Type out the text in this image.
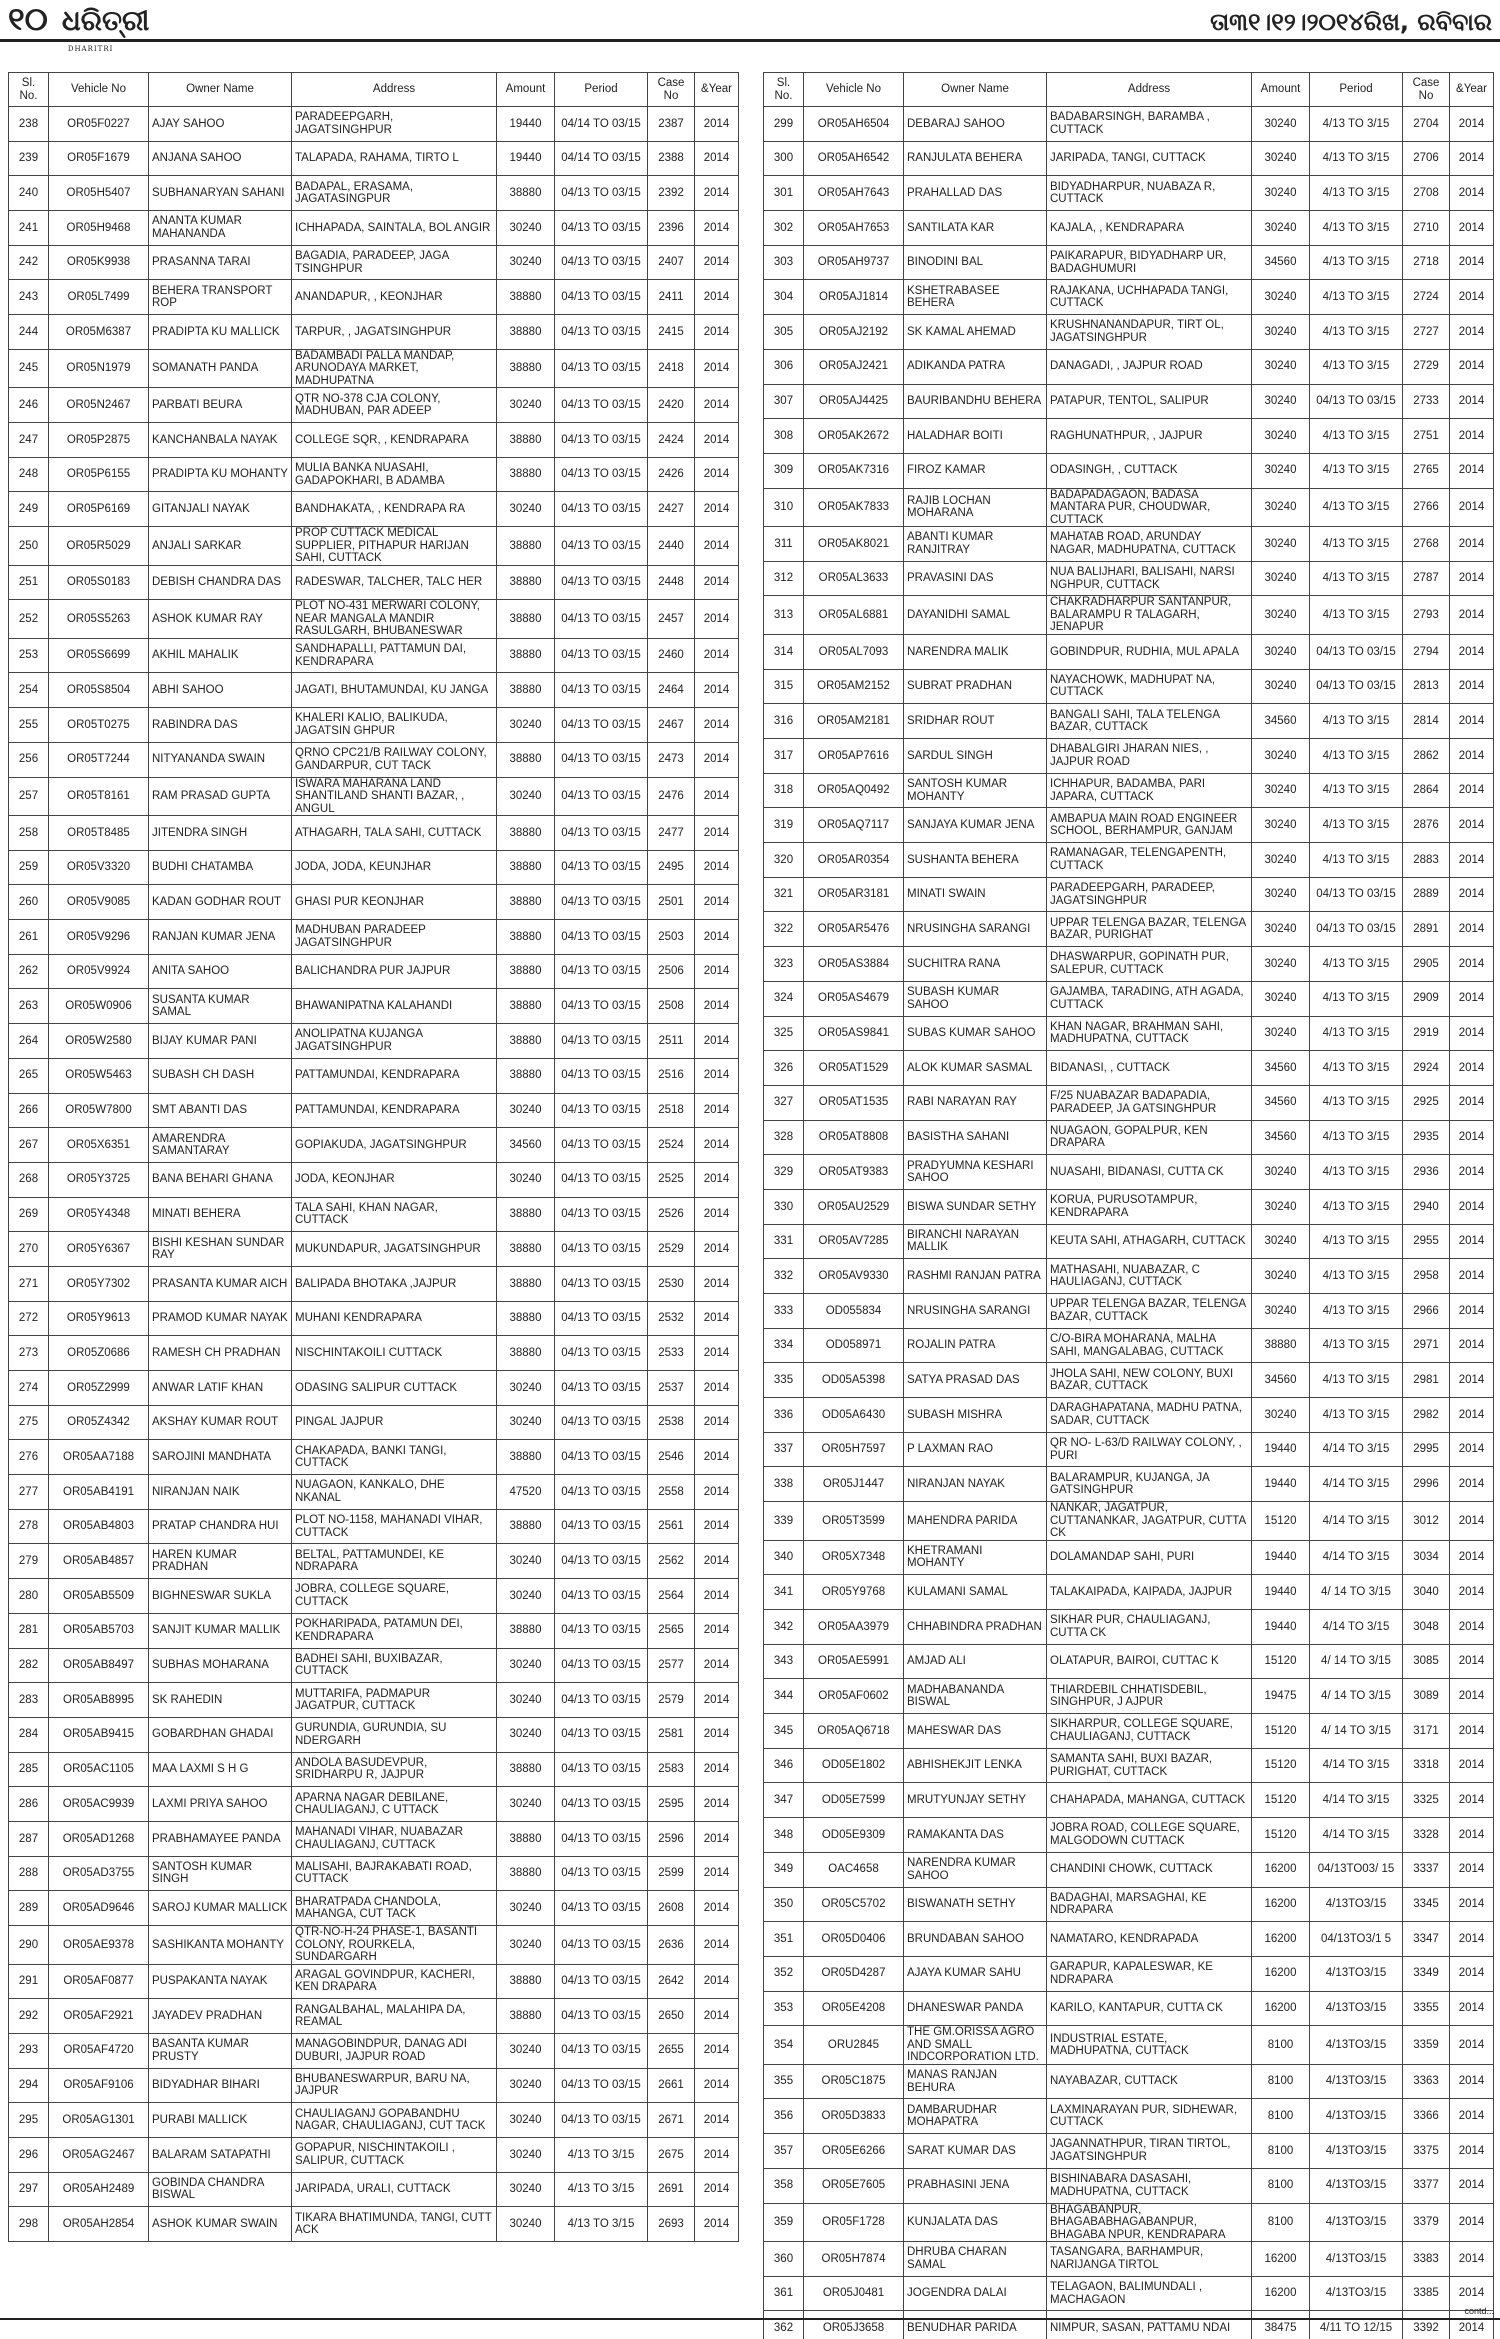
୧୦ ଧରିତ୍ରୀ
DHARITRI
ତା୩୧।୧୨।୨୦୧୪ରିଖ, ରବିବାର
Sl. No.	Vehicle No	Owner Name	Address	Amount	Period	Case No	&Year
238	OR05F0227	AJAY SAHOO	PARADEEPGARH, JAGATSINGHPUR	19440	04/14 TO 03/15	2387	2014
239	OR05F1679	ANJANA SAHOO	TALAPADA, RAHAMA, TIRTO L	19440	04/14 TO 03/15	2388	2014
240	OR05H5407	SUBHANARYAN SAHANI	BADAPAL, ERASAMA, JAGATASINGPUR	38880	04/13 TO 03/15	2392	2014
241	OR05H9468	ANANTA KUMAR MAHANANDA	ICHHAPADA, SAINTALA, BOL ANGIR	30240	04/13 TO 03/15	2396	2014
242	OR05K9938	PRASANNA TARAI	BAGADIA, PARADEEP, JAGA TSINGHPUR	30240	04/13 TO 03/15	2407	2014
243	OR05L7499	BEHERA TRANSPORT ROP	ANANDAPUR, , KEONJHAR	38880	04/13 TO 03/15	2411	2014
244	OR05M6387	PRADIPTA KU MALLICK	TARPUR, , JAGATSINGHPUR	38880	04/13 TO 03/15	2415	2014
245	OR05N1979	SOMANATH PANDA	BADAMBADI PALLA MANDAP, ARUNODAYA MARKET, MADHUPATNA	38880	04/13 TO 03/15	2418	2014
246	OR05N2467	PARBATI BEURA	QTR NO-378 CJA COLONY, MADHUBAN, PAR ADEEP	30240	04/13 TO 03/15	2420	2014
247	OR05P2875	KANCHANBALA NAYAK	COLLEGE SQR, , KENDRAPARA	38880	04/13 TO 03/15	2424	2014
248	OR05P6155	PRADIPTA KU MOHANTY	MULIA BANKA NUASAHI, GADAPOKHARI, B ADAMBA	38880	04/13 TO 03/15	2426	2014
249	OR05P6169	GITANJALI NAYAK	BANDHAKATA, , KENDRAPA RA	30240	04/13 TO 03/15	2427	2014
250	OR05R5029	ANJALI SARKAR	PROP CUTTACK MEDICAL SUPPLIER, PITHAPUR HARIJAN SAHI, CUTTACK	38880	04/13 TO 03/15	2440	2014
251	OR05S0183	DEBISH CHANDRA DAS	RADESWAR, TALCHER, TALC HER	38880	04/13 TO 03/15	2448	2014
252	OR05S5263	ASHOK KUMAR RAY	PLOT NO-431 MERWARI COLONY, NEAR MANGALA MANDIR RASULGARH, BHUBANESWAR	38880	04/13 TO 03/15	2457	2014
253	OR05S6699	AKHIL MAHALIK	SANDHAPALLI, PATTAMUN DAI, KENDRAPARA	38880	04/13 TO 03/15	2460	2014
254	OR05S8504	ABHI SAHOO	JAGATI, BHUTAMUNDAI, KU JANGA	38880	04/13 TO 03/15	2464	2014
255	OR05T0275	RABINDRA DAS	KHALERI KALIO, BALIKUDA, JAGATSIN GHPUR	30240	04/13 TO 03/15	2467	2014
256	OR05T7244	NITYANANDA SWAIN	QRNO CPC21/B RAILWAY COLONY, GANDARPUR, CUT TACK	38880	04/13 TO 03/15	2473	2014
257	OR05T8161	RAM PRASAD GUPTA	ISWARA MAHARANA LAND SHANTILAND SHANTI BAZAR, , ANGUL	30240	04/13 TO 03/15	2476	2014
258	OR05T8485	JITENDRA SINGH	ATHAGARH, TALA SAHI, CUTTACK	38880	04/13 TO 03/15	2477	2014
259	OR05V3320	BUDHI CHATAMBA	JODA, JODA, KEUNJHAR	38880	04/13 TO 03/15	2495	2014
260	OR05V9085	KADAN GODHAR ROUT	GHASI PUR KEONJHAR	38880	04/13 TO 03/15	2501	2014
261	OR05V9296	RANJAN KUMAR JENA	MADHUBAN PARADEEP JAGATSINGHPUR	38880	04/13 TO 03/15	2503	2014
262	OR05V9924	ANITA SAHOO	BALICHANDRA PUR JAJPUR	38880	04/13 TO 03/15	2506	2014
263	OR05W0906	SUSANTA KUMAR SAMAL	BHAWANIPATNA KALAHANDI	38880	04/13 TO 03/15	2508	2014
264	OR05W2580	BIJAY KUMAR PANI	ANOLIPATNA KUJANGA JAGATSINGHPUR	38880	04/13 TO 03/15	2511	2014
265	OR05W5463	SUBASH CH DASH	PATTAMUNDAI, KENDRAPARA	38880	04/13 TO 03/15	2516	2014
266	OR05W7800	SMT ABANTI DAS	PATTAMUNDAI, KENDRAPARA	30240	04/13 TO 03/15	2518	2014
267	OR05X6351	AMARENDRA SAMANTARAY	GOPIAKUDA, JAGATSINGHPUR	34560	04/13 TO 03/15	2524	2014
268	OR05Y3725	BANA BEHARI GHANA	JODA, KEONJHAR	30240	04/13 TO 03/15	2525	2014
269	OR05Y4348	MINATI BEHERA	TALA SAHI, KHAN NAGAR, CUTTACK	38880	04/13 TO 03/15	2526	2014
270	OR05Y6367	BISHI KESHAN SUNDAR RAY	MUKUNDAPUR, JAGATSINGHPUR	38880	04/13 TO 03/15	2529	2014
271	OR05Y7302	PRASANTA KUMAR AICH	BALIPADA BHOTAKA ,JAJPUR	38880	04/13 TO 03/15	2530	2014
272	OR05Y9613	PRAMOD KUMAR NAYAK	MUHANI KENDRAPARA	38880	04/13 TO 03/15	2532	2014
273	OR05Z0686	RAMESH CH PRADHAN	NISCHINTAKOILI CUTTACK	38880	04/13 TO 03/15	2533	2014
274	OR05Z2999	ANWAR LATIF KHAN	ODASING SALIPUR CUTTACK	30240	04/13 TO 03/15	2537	2014
275	OR05Z4342	AKSHAY KUMAR ROUT	PINGAL JAJPUR	30240	04/13 TO 03/15	2538	2014
276	OR05AA7188	SAROJINI MANDHATA	CHAKAPADA, BANKI TANGI, CUTTACK	38880	04/13 TO 03/15	2546	2014
277	OR05AB4191	NIRANJAN NAIK	NUAGAON, KANKALO, DHE NKANAL	47520	04/13 TO 03/15	2558	2014
278	OR05AB4803	PRATAP CHANDRA HUI	PLOT NO-1158, MAHANADI VIHAR, CUTTACK	38880	04/13 TO 03/15	2561	2014
279	OR05AB4857	HAREN KUMAR PRADHAN	BELTAL, PATTAMUNDEI, KE NDRAPARA	30240	04/13 TO 03/15	2562	2014
280	OR05AB5509	BIGHNESWAR SUKLA	JOBRA, COLLEGE SQUARE, CUTTACK	30240	04/13 TO 03/15	2564	2014
281	OR05AB5703	SANJIT KUMAR MALLIK	POKHARIPADA, PATAMUN DEI, KENDRAPARA	38880	04/13 TO 03/15	2565	2014
282	OR05AB8497	SUBHAS MOHARANA	BADHEI SAHI, BUXIBAZAR, CUTTACK	30240	04/13 TO 03/15	2577	2014
283	OR05AB8995	SK RAHEDIN	MUTTARIFA, PADMAPUR JAGATPUR, CUTTACK	30240	04/13 TO 03/15	2579	2014
284	OR05AB9415	GOBARDHAN GHADAI	GURUNDIA, GURUNDIA, SU NDERGARH	30240	04/13 TO 03/15	2581	2014
285	OR05AC1105	MAA LAXMI S H G	ANDOLA BASUDEVPUR, SRIDHARPU R, JAJPUR	38880	04/13 TO 03/15	2583	2014
286	OR05AC9939	LAXMI PRIYA SAHOO	APARNA NAGAR DEBILANE, CHAULIAGANJ, C UTTACK	30240	04/13 TO 03/15	2595	2014
287	OR05AD1268	PRABHAMAYEE PANDA	MAHANADI VIHAR, NUABAZAR CHAULIAGANJ, CUTTACK	38880	04/13 TO 03/15	2596	2014
288	OR05AD3755	SANTOSH KUMAR SINGH	MALISAHI, BAJRAKABATI ROAD, CUTTACK	38880	04/13 TO 03/15	2599	2014
289	OR05AD9646	SAROJ KUMAR MALLICK	BHARATPADA CHANDOLA, MAHANGA, CUT TACK	30240	04/13 TO 03/15	2608	2014
290	OR05AE9378	SASHIKANTA MOHANTY	QTR-NO-H-24 PHASE-1, BASANTI COLONY, ROURKELA, SUNDARGARH	30240	04/13 TO 03/15	2636	2014
291	OR05AF0877	PUSPAKANTA NAYAK	ARAGAL GOVINDPUR, KACHERI, KEN DRAPARA	38880	04/13 TO 03/15	2642	2014
292	OR05AF2921	JAYADEV PRADHAN	RANGALBAHAL, MALAHIPA DA, REAMAL	38880	04/13 TO 03/15	2650	2014
293	OR05AF4720	BASANTA KUMAR PRUSTY	MANAGOBINDPUR, DANAG ADI DUBURI, JAJPUR ROAD	30240	04/13 TO 03/15	2655	2014
294	OR05AF9106	BIDYADHAR BIHARI	BHUBANESWARPUR, BARU NA, JAJPUR	30240	04/13 TO 03/15	2661	2014
295	OR05AG1301	PURABI MALLICK	CHAULIAGANJ GOPABANDHU NAGAR, CHAULIAGANJ, CUT TACK	30240	04/13 TO 03/15	2671	2014
296	OR05AG2467	BALARAM SATAPATHI	GOPAPUR, NISCHINTAKOILI , SALIPUR, CUTTACK	30240	4/13 TO 3/15	2675	2014
297	OR05AH2489	GOBINDA CHANDRA BISWAL	JARIPADA, URALI, CUTTACK	30240	4/13 TO 3/15	2691	2014
298	OR05AH2854	ASHOK KUMAR SWAIN	TIKARA BHATIMUNDA, TANGI, CUTT ACK	30240	4/13 TO 3/15	2693	2014
Sl. No.	Vehicle No	Owner Name	Address	Amount	Period	Case No	&Year
299	OR05AH6504	DEBARAJ SAHOO	BADABARSINGH, BARAMBA , CUTTACK	30240	4/13 TO 3/15	2704	2014
300	OR05AH6542	RANJULATA BEHERA	JARIPADA, TANGI, CUTTACK	30240	4/13 TO 3/15	2706	2014
301	OR05AH7643	PRAHALLAD DAS	BIDYADHARPUR, NUABAZA R, CUTTACK	30240	4/13 TO 3/15	2708	2014
302	OR05AH7653	SANTILATA KAR	KAJALA, , KENDRAPARA	30240	4/13 TO 3/15	2710	2014
303	OR05AH9737	BINODINI BAL	PAIKARAPUR, BIDYADHARP UR, BADAGHUMURI	34560	4/13 TO 3/15	2718	2014
304	OR05AJ1814	KSHETRABASEE BEHERA	RAJAKANA, UCHHAPADA TANGI, CUTTACK	30240	4/13 TO 3/15	2724	2014
305	OR05AJ2192	SK KAMAL AHEMAD	KRUSHNANANDAPUR, TIRT OL, JAGATSINGHPUR	30240	4/13 TO 3/15	2727	2014
306	OR05AJ2421	ADIKANDA PATRA	DANAGADI, , JAJPUR ROAD	30240	4/13 TO 3/15	2729	2014
307	OR05AJ4425	BAURIBANDHU BEHERA	PATAPUR, TENTOL, SALIPUR	30240	04/13 TO 03/15	2733	2014
308	OR05AK2672	HALADHAR BOITI	RAGHUNATHPUR, , JAJPUR	30240	4/13 TO 3/15	2751	2014
309	OR05AK7316	FIROZ KAMAR	ODASINGH, , CUTTACK	30240	4/13 TO 3/15	2765	2014
310	OR05AK7833	RAJIB LOCHAN MOHARANA	BADAPADAGAON, BADASA MANTARA PUR, CHOUDWAR, CUTTACK	30240	4/13 TO 3/15	2766	2014
311	OR05AK8021	ABANTI KUMAR RANJITRAY	MAHATAB ROAD, ARUNDAY NAGAR, MADHUPATNA, CUTTACK	30240	4/13 TO 3/15	2768	2014
312	OR05AL3633	PRAVASINI DAS	NUA BALIJHARI, BALISAHI, NARSI NGHPUR, CUTTACK	30240	4/13 TO 3/15	2787	2014
313	OR05AL6881	DAYANIDHI SAMAL	CHAKRADHARPUR SANTANPUR, BALARAMPU R TALAGARH, JENAPUR	30240	4/13 TO 3/15	2793	2014
314	OR05AL7093	NARENDRA MALIK	GOBINDPUR, RUDHIA, MUL APALA	30240	04/13 TO 03/15	2794	2014
315	OR05AM2152	SUBRAT PRADHAN	NAYACHOWK, MADHUPAT NA, CUTTACK	30240	04/13 TO 03/15	2813	2014
316	OR05AM2181	SRIDHAR ROUT	BANGALI SAHI, TALA TELENGA BAZAR, CUTTACK	34560	4/13 TO 3/15	2814	2014
317	OR05AP7616	SARDUL SINGH	DHABALGIRI JHARAN NIES, , JAJPUR ROAD	30240	4/13 TO 3/15	2862	2014
318	OR05AQ0492	SANTOSH KUMAR MOHANTY	ICHHAPUR, BADAMBA, PARI JAPARA, CUTTACK	30240	4/13 TO 3/15	2864	2014
319	OR05AQ7117	SANJAYA KUMAR JENA	AMBAPUA MAIN ROAD ENGINEER SCHOOL, BERHAMPUR, GANJAM	30240	4/13 TO 3/15	2876	2014
320	OR05AR0354	SUSHANTA BEHERA	RAMANAGAR, TELENGAPENTH, CUTTACK	30240	4/13 TO 3/15	2883	2014
321	OR05AR3181	MINATI SWAIN	PARADEEPGARH, PARADEEP, JAGATSINGHPUR	30240	04/13 TO 03/15	2889	2014
322	OR05AR5476	NRUSINGHA SARANGI	UPPAR TELENGA BAZAR, TELENGA BAZAR, PURIGHAT	30240	04/13 TO 03/15	2891	2014
323	OR05AS3884	SUCHITRA RANA	DHASWARPUR, GOPINATH PUR, SALEPUR, CUTTACK	30240	4/13 TO 3/15	2905	2014
324	OR05AS4679	SUBASH KUMAR SAHOO	GAJAMBA, TARADING, ATH AGADA, CUTTACK	30240	4/13 TO 3/15	2909	2014
325	OR05AS9841	SUBAS KUMAR SAHOO	KHAN NAGAR, BRAHMAN SAHI, MADHUPATNA, CUTTACK	30240	4/13 TO 3/15	2919	2014
326	OR05AT1529	ALOK KUMAR SASMAL	BIDANASI, , CUTTACK	34560	4/13 TO 3/15	2924	2014
327	OR05AT1535	RABI NARAYAN RAY	F/25 NUABAZAR BADAPADIA, PARADEEP, JA GATSINGHPUR	34560	4/13 TO 3/15	2925	2014
328	OR05AT8808	BASISTHA SAHANI	NUAGAON, GOPALPUR, KEN DRAPARA	34560	4/13 TO 3/15	2935	2014
329	OR05AT9383	PRADYUMNA KESHARI SAHOO	NUASAHI, BIDANASI, CUTTA CK	30240	4/13 TO 3/15	2936	2014
330	OR05AU2529	BISWA SUNDAR SETHY	KORUA, PURUSOTAMPUR, KENDRAPARA	30240	4/13 TO 3/15	2940	2014
331	OR05AV7285	BIRANCHI NARAYAN MALLIK	KEUTA SAHI, ATHAGARH, CUTTACK	30240	4/13 TO 3/15	2955	2014
332	OR05AV9330	RASHMI RANJAN PATRA	MATHASAHI, NUABAZAR, C HAULIAGANJ, CUTTACK	30240	4/13 TO 3/15	2958	2014
333	OD055834	NRUSINGHA SARANGI	UPPAR TELENGA BAZAR, TELENGA BAZAR, CUTTACK	30240	4/13 TO 3/15	2966	2014
334	OD058971	ROJALIN PATRA	C/O-BIRA MOHARANA, MALHA SAHI, MANGALABAG, CUTTACK	38880	4/13 TO 3/15	2971	2014
335	OD05A5398	SATYA PRASAD DAS	JHOLA SAHI, NEW COLONY, BUXI BAZAR, CUTTACK	34560	4/13 TO 3/15	2981	2014
336	OD05A6430	SUBASH MISHRA	DARAGHAPATANA, MADHU PATNA, SADAR, CUTTACK	30240	4/13 TO 3/15	2982	2014
337	OR05H7597	P LAXMAN RAO	QR NO- L-63/D RAILWAY COLONY, , PURI	19440	4/14 TO 3/15	2995	2014
338	OR05J1447	NIRANJAN NAYAK	BALARAMPUR, KUJANGA, JA GATSINGHPUR	19440	4/14 TO 3/15	2996	2014
339	OR05T3599	MAHENDRA PARIDA	NANKAR, JAGATPUR, CUTTANANKAR, JAGATPUR, CUTTA CK	15120	4/14 TO 3/15	3012	2014
340	OR05X7348	KHETRAMANI MOHANTY	DOLAMANDAP SAHI, PURI	19440	4/14 TO 3/15	3034	2014
341	OR05Y9768	KULAMANI SAMAL	TALAKAIPADA, KAIPADA, JAJPUR	19440	4/ 14 TO 3/15	3040	2014
342	OR05AA3979	CHHABINDRA PRADHAN	SIKHAR PUR, CHAULIAGANJ, CUTTA CK	19440	4/14 TO 3/15	3048	2014
343	OR05AE5991	AMJAD ALI	OLATAPUR, BAIROI, CUTTAC K	15120	4/ 14 TO 3/15	3085	2014
344	OR05AF0602	MADHABANANDA BISWAL	THIARDEBIL CHHATISDEBIL, SINGHPUR, J AJPUR	19475	4/ 14 TO 3/15	3089	2014
345	OR05AQ6718	MAHESWAR DAS	SIKHARPUR, COLLEGE SQUARE, CHAULIAGANJ, CUTTACK	15120	4/ 14 TO 3/15	3171	2014
346	OD05E1802	ABHISHEKJIT LENKA	SAMANTA SAHI, BUXI BAZAR, PURIGHAT, CUTTACK	15120	4/14 TO 3/15	3318	2014
347	OD05E7599	MRUTYUNJAY SETHY	CHAHAPADA, MAHANGA, CUTTACK	15120	4/14 TO 3/15	3325	2014
348	OD05E9309	RAMAKANTA DAS	JOBRA ROAD, COLLEGE SQUARE, MALGODOWN CUTTACK	15120	4/14 TO 3/15	3328	2014
349	OAC4658	NARENDRA KUMAR SAHOO	CHANDINI CHOWK, CUTTACK	16200	04/13TO03/ 15	3337	2014
350	OR05C5702	BISWANATH SETHY	BADAGHAI, MARSAGHAI, KE NDRAPARA	16200	4/13TO3/15	3345	2014
351	OR05D0406	BRUNDABAN SAHOO	NAMATARO, KENDRAPADA	16200	04/13TO3/1 5	3347	2014
352	OR05D4287	AJAYA KUMAR SAHU	GARAPUR, KAPALESWAR, KE NDRAPARA	16200	4/13TO3/15	3349	2014
353	OR05E4208	DHANESWAR PANDA	KARILO, KANTAPUR, CUTTA CK	16200	4/13TO3/15	3355	2014
354	ORU2845	THE GM.ORISSA AGRO AND SMALL INDCORPORATION LTD.	INDUSTRIAL ESTATE, MADHUPATNA, CUTTACK	8100	4/13TO3/15	3359	2014
355	OR05C1875	MANAS RANJAN BEHURA	NAYABAZAR, CUTTACK	8100	4/13TO3/15	3363	2014
356	OR05D3833	DAMBARUDHAR MOHAPATRA	LAXMINARAYAN PUR, SIDHEWAR, CUTTACK	8100	4/13TO3/15	3366	2014
357	OR05E6266	SARAT KUMAR DAS	JAGANNATHPUR, TIRAN TIRTOL, JAGATSINGHPUR	8100	4/13TO3/15	3375	2014
358	OR05E7605	PRABHASINI JENA	BISHINABARA DASASAHI, MADHUPATNA, CUTTACK	8100	4/13TO3/15	3377	2014
359	OR05F1728	KUNJALATA DAS	BHAGABANPUR, BHAGABABHAGABANPUR, BHAGABA NPUR, KENDRAPARA	8100	4/13TO3/15	3379	2014
360	OR05H7874	DHRUBA CHARAN SAMAL	TASANGARA, BARHAMPUR, NARIJANGA TIRTOL	16200	4/13TO3/15	3383	2014
361	OR05J0481	JOGENDRA DALAI	TELAGAON, BALIMUNDALI , MACHAGAON	16200	4/13TO3/15	3385	2014
362	OR05J3658	BENUDHAR PARIDA	NIMPUR, SASAN, PATTAMU NDAI	38475	4/11 TO 12/15	3392	2014
contd...
